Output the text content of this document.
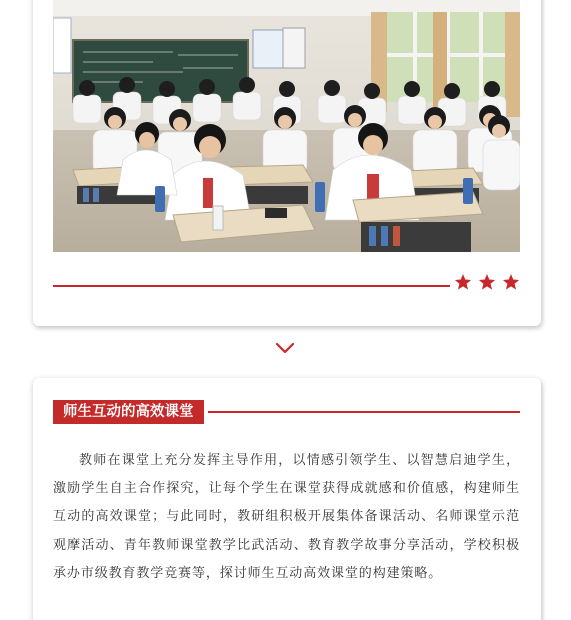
师生互动的高效课堂

教师在课堂上充分发挥主导作用，以情感引领学生、以智慧启迪学生，激励学生自主合作探究，让每个学生在课堂获得成就感和价值感，构建师生互动的高效课堂；与此同时，教研组积极开展集体备课活动、名师课堂示范观摩活动、青年教师课堂教学比武活动、教育教学故事分享活动，学校积极承办市级教育教学竞赛等，探讨师生互动高效课堂的构建策略。
